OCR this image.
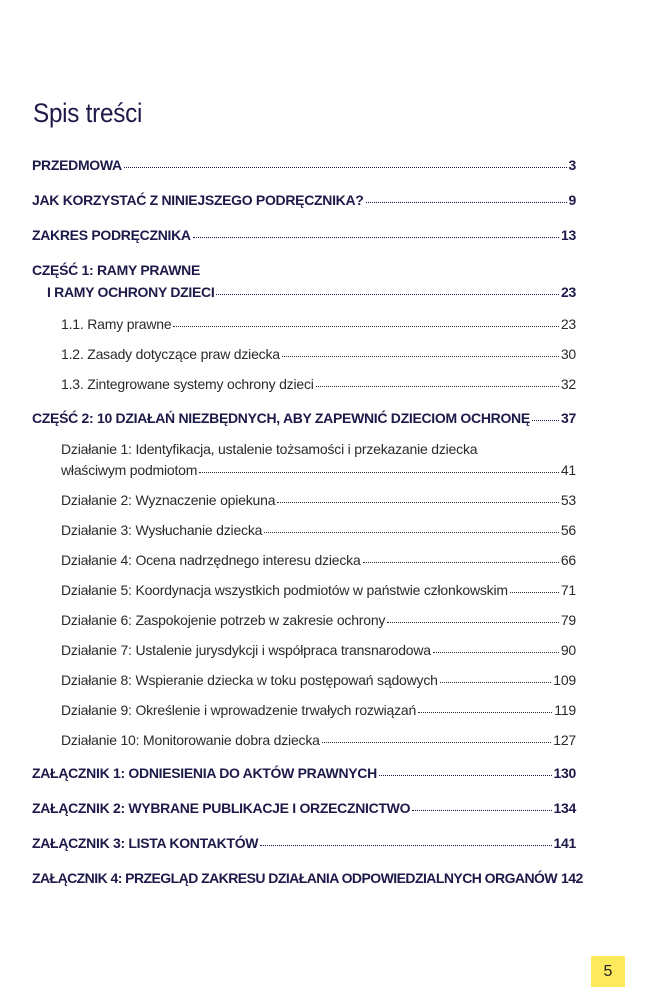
Spis treści
PRZEDMOWA	3
JAK KORZYSTAĆ Z NINIEJSZEGO PODRĘCZNIKA?	9
ZAKRES PODRĘCZNIKA	13
CZĘŚĆ 1: RAMY PRAWNE
I RAMY OCHRONY DZIECI	23
1.1. Ramy prawne	23
1.2. Zasady dotyczące praw dziecka	30
1.3. Zintegrowane systemy ochrony dzieci	32
CZĘŚĆ 2: 10 DZIAŁAŃ NIEZBĘDNYCH, ABY ZAPEWNIĆ DZIECIOM OCHRONĘ 37
Działanie 1: Identyfikacja, ustalenie tożsamości i przekazanie dziecka
właściwym podmiotom	41
Działanie 2: Wyznaczenie opiekuna	53
Działanie 3: Wysłuchanie dziecka	56
Działanie 4: Ocena nadrzędnego interesu dziecka	66
Działanie 5: Koordynacja wszystkich podmiotów w państwie członkowskim	71
Działanie 6: Zaspokojenie potrzeb w zakresie ochrony	79
Działanie 7: Ustalenie jurysdykcji i współpraca transnarodowa	90
Działanie 8: Wspieranie dziecka w toku postępowań sądowych	109
Działanie 9: Określenie i wprowadzenie trwałych rozwiązań	119
Działanie 10: Monitorowanie dobra dziecka	127
ZAŁĄCZNIK 1: ODNIESIENIA DO AKTÓW PRAWNYCH	130
ZAŁĄCZNIK 2: WYBRANE PUBLIKACJE I ORZECZNICTWO	134
ZAŁĄCZNIK 3: LISTA KONTAKTÓW	141
ZAŁĄCZNIK 4: PRZEGLĄD ZAKRESU DZIAŁANIA ODPOWIEDZIALNYCH ORGANÓW 142
5
